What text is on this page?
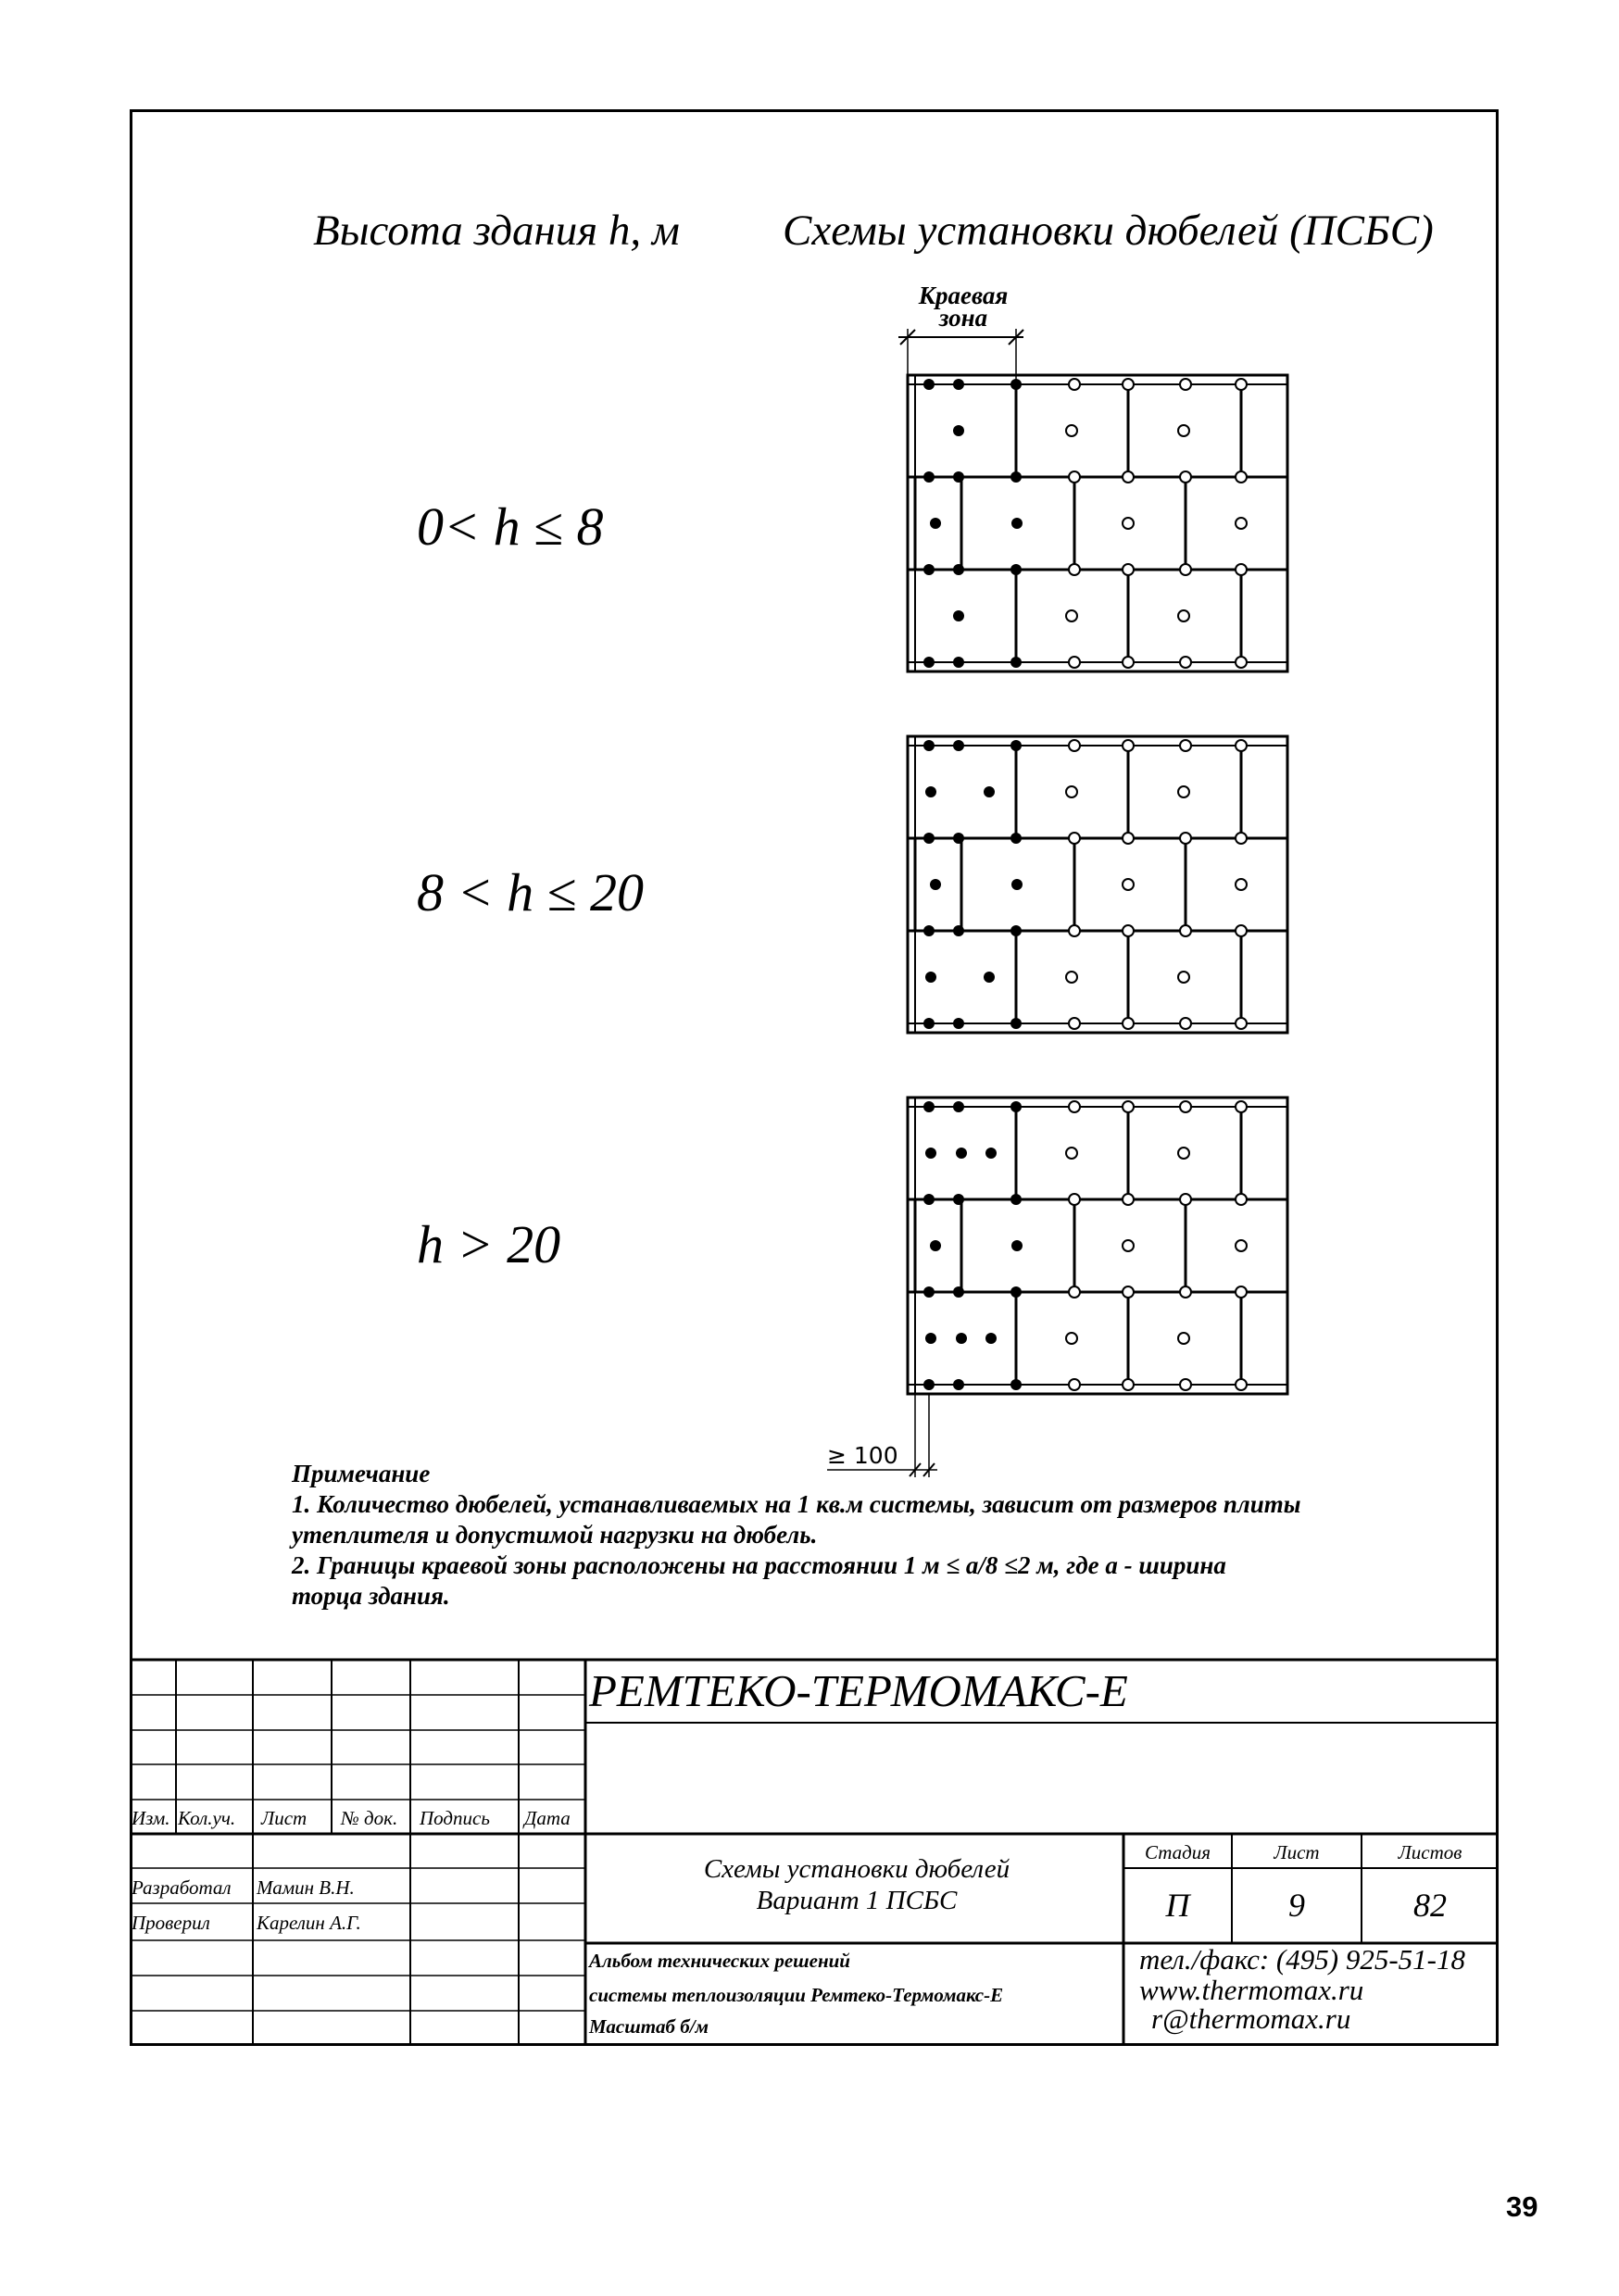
Высота здания h, м Схемы установки дюбелей (ПСБС)
0< h ≤ 8
8 < h ≤ 20
h > 20
Краевая
зона
≥ 100
Примечание
1. Количество дюбелей, устанавливаемых на 1 кв.м системы, зависит от размеров плиты
утеплителя и допустимой нагрузки на дюбель.
2. Границы краевой зоны расположены на расстоянии 1 м ≤ а/8 ≤2 м, где а - ширина
торца здания.
РЕМТЕКО-ТЕРМОМАКС-Е
Изм. Кол.уч. Лист № док. Подпись Дата
Разработал Мамин В.Н.
Проверил Карелин А.Г.
Схемы установки дюбелей
Вариант 1 ПСБС
Стадия	Лист	Листов
П	9	82
Альбом технических решений
системы теплоизоляции Ремтеко-Термомакс-Е
Масштаб б/м
тел./факс: (495) 925-51-18
www.thermomax.ru
r@thermomax.ru
39
